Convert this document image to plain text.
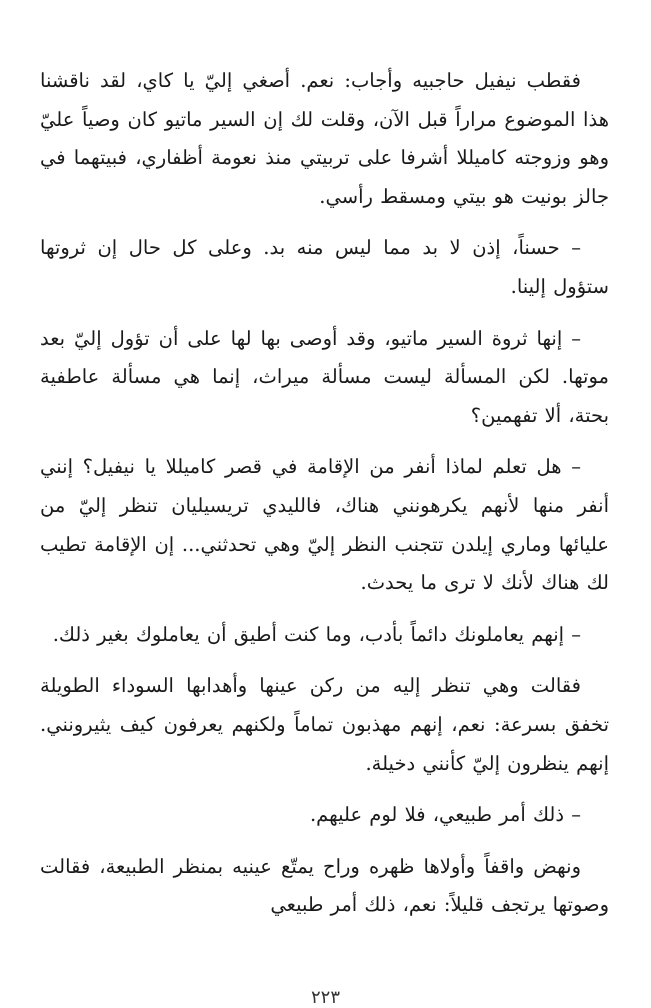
فقطب نيفيل حاجبيه وأجاب: نعم. أصغي إليّ يا كاي، لقد ناقشنا هذا الموضوع مراراً قبل الآن، وقلت لك إن السير ماتيو كان وصياً عليّ وهو وزوجته كاميللا أشرفا على تربيتي منذ نعومة أظفاري، فبيتهما في جالز بونيت هو بيتي ومسقط رأسي.

– حسناً، إذن لا بد مما ليس منه بد. وعلى كل حال إن ثروتها ستؤول إلينا.

– إنها ثروة السير ماتيو، وقد أوصى بها لها على أن تؤول إليّ بعد موتها. لكن المسألة ليست مسألة ميراث، إنما هي مسألة عاطفية بحتة، ألا تفهمين؟

– هل تعلم لماذا أنفر من الإقامة في قصر كاميللا يا نيفيل؟ إنني أنفر منها لأنهم يكرهونني هناك، فالليدي تريسيليان تنظر إليّ من عليائها وماري إيلدن تتجنب النظر إليّ وهي تحدثني... إن الإقامة تطيب لك هناك لأنك لا ترى ما يحدث.

– إنهم يعاملونك دائماً بأدب، وما كنت أطيق أن يعاملوك بغير ذلك.

فقالت وهي تنظر إليه من ركن عينها وأهدابها السوداء الطويلة تخفق بسرعة: نعم، إنهم مهذبون تماماً ولكنهم يعرفون كيف يثيرونني. إنهم ينظرون إليّ كأنني دخيلة.

– ذلك أمر طبيعي، فلا لوم عليهم.

ونهض واقفاً وأولاها ظهره وراح يمتّع عينيه بمنظر الطبيعة، فقالت وصوتها يرتجف قليلاً: نعم، ذلك أمر طبيعي

٢٢٣
